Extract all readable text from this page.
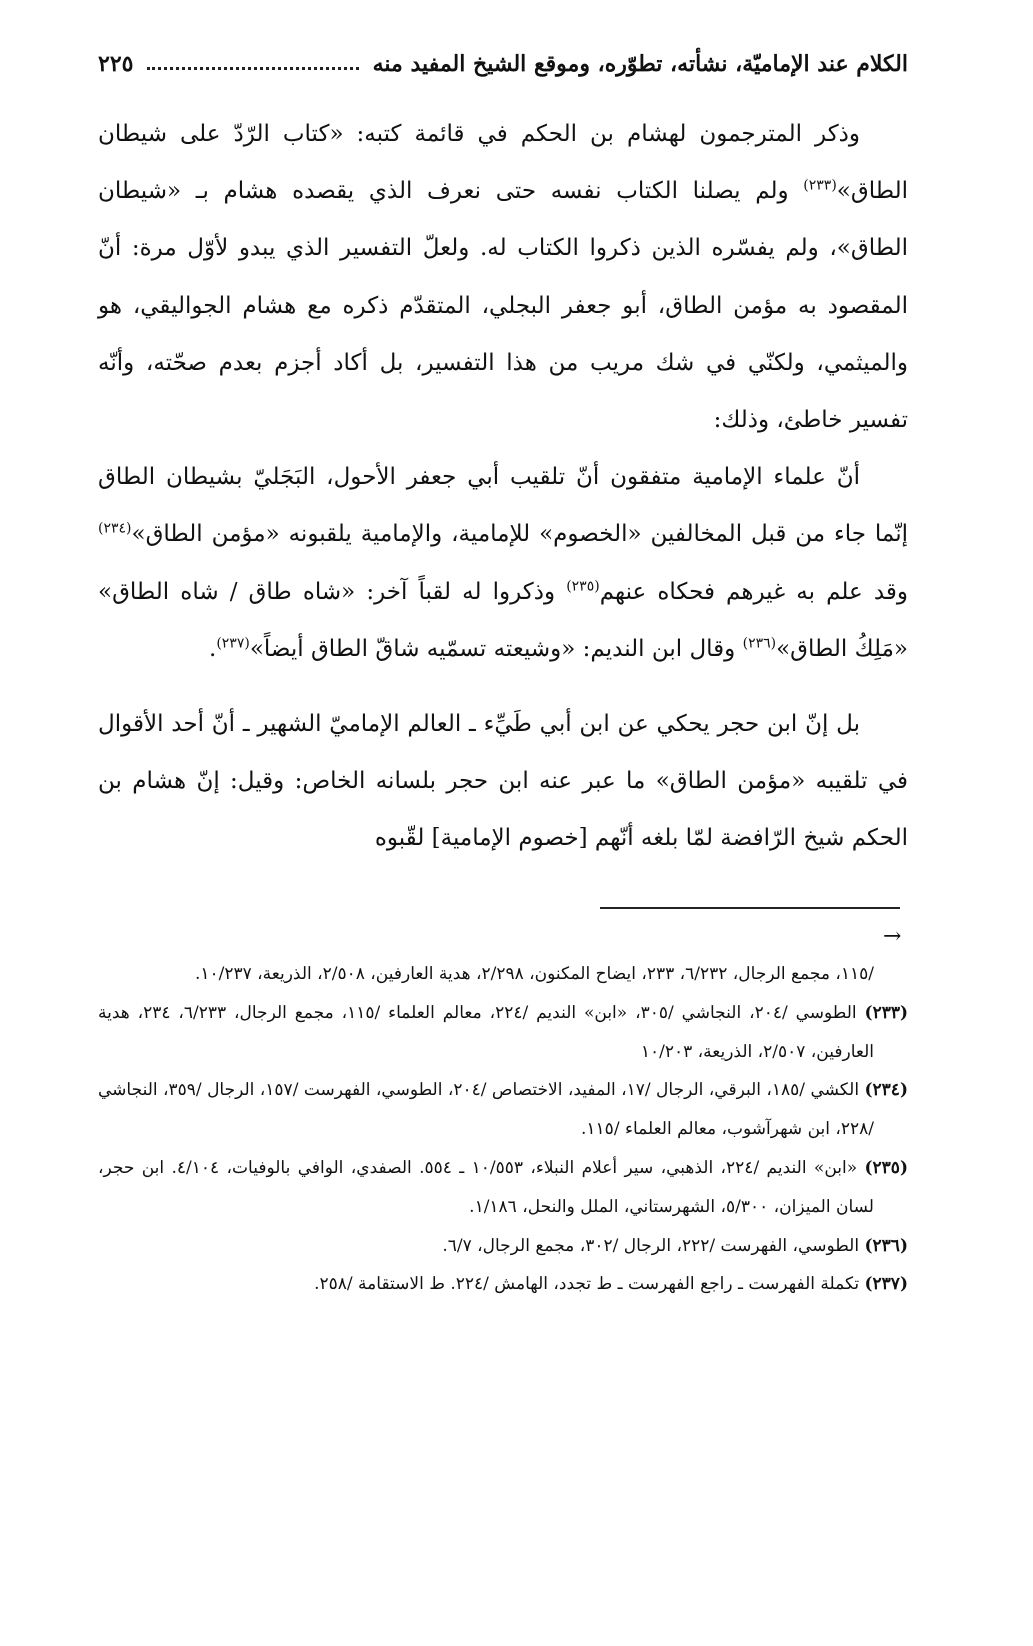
الكلام عند الإماميّة، نشأته، تطوّره، وموقع الشيخ المفيد منه
٢٢٥

وذكر المترجمون لهشام بن الحكم في قائمة كتبه: «كتاب الرّدّ على شيطان الطاق»$^{(٢٣٣)}$ ولم يصلنا الكتاب نفسه حتى نعرف الذي يقصده هشام بـ «شيطان الطاق»، ولم يفسّره الذين ذكروا الكتاب له. ولعلّ التفسير الذي يبدو لأوّل مرة: أنّ المقصود به مؤمن الطاق، أبو جعفر البجلي، المتقدّم ذكره مع هشام الجواليقي، هو والميثمي، ولكنّي في شك مريب من هذا التفسير، بل أكاد أجزم بعدم صحّته، وأنّه تفسير خاطئ، وذلك:

أنّ علماء الإمامية متفقون أنّ تلقيب أبي جعفر الأحول، البَجَليّ بشيطان الطاق إنّما جاء من قبل المخالفين «الخصوم» للإمامية، والإمامية يلقبونه «مؤمن الطاق»$^{(٢٣٤)}$ وقد علم به غيرهم فحكاه عنهم$^{(٢٣٥)}$ وذكروا له لقباً آخر: «شاه طاق / شاه الطاق» «مَلِكُ الطاق»$^{(٢٣٦)}$ وقال ابن النديم: «وشيعته تسمّيه شاقّ الطاق أيضاً»$^{(٢٣٧)}$.

بل إنّ ابن حجر يحكي عن ابن أبي طَيِّء ـ العالم الإماميّ الشهير ـ أنّ أحد الأقوال في تلقيبه «مؤمن الطاق» ما عبر عنه ابن حجر بلسانه الخاص: وقيل: إنّ هشام بن الحكم شيخ الرّافضة لمّا بلغه أنّهم [خصوم الإمامية] لقّبوه

→

/١١٥، مجمع الرجال، ٦/٢٣٢، ٢٣٣، ايضاح المكنون، ٢/٢٩٨، هدية العارفين، ٢/٥٠٨، الذريعة، ١٠/٢٣٧.

(٢٣٣) الطوسي /٢٠٤، النجاشي /٣٠٥، «ابن» النديم /٢٢٤، معالم العلماء /١١٥، مجمع الرجال، ٦/٢٣٣، ٢٣٤، هدية العارفين، ٢/٥٠٧، الذريعة، ١٠/٢٠٣

(٢٣٤) الكشي /١٨٥، البرقي، الرجال /١٧، المفيد، الاختصاص /٢٠٤، الطوسي، الفهرست /١٥٧، الرجال /٣٥٩، النجاشي /٢٢٨، ابن شهرآشوب، معالم العلماء /١١٥.

(٢٣٥) «ابن» النديم /٢٢٤، الذهبي، سير أعلام النبلاء، ١٠/٥٥٣ ـ ٥٥٤. الصفدي، الوافي بالوفيات، ٤/١٠٤. ابن حجر، لسان الميزان، ٥/٣٠٠، الشهرستاني، الملل والنحل، ١/١٨٦.

(٢٣٦) الطوسي، الفهرست /٢٢٢، الرجال /٣٠٢، مجمع الرجال، ٦/٧.

(٢٣٧) تكملة الفهرست ـ راجع الفهرست ـ ط تجدد، الهامش /٢٢٤. ط الاستقامة /٢٥٨.
